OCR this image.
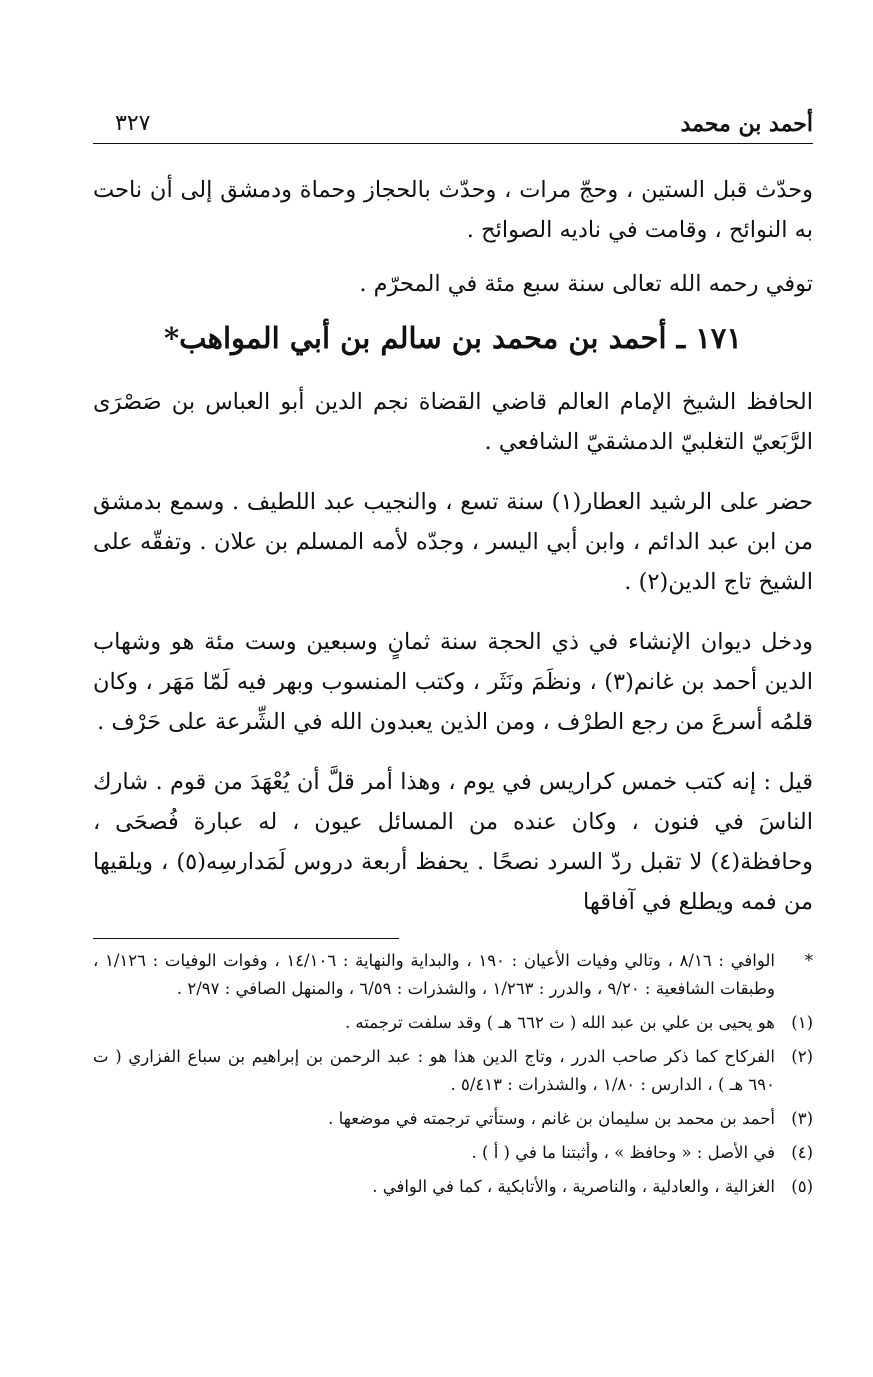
أحمد بن محمد
٣٢٧

وحدّث قبل الستين ، وحجّ مرات ، وحدّث بالحجاز وحماة ودمشق إلى أن ناحت به النوائح ، وقامت في ناديه الصوائح .

توفي رحمه الله تعالى سنة سبع مئة في المحرّم .

١٧١ ـ أحمد بن محمد بن سالم بن أبي المواهب*

الحافظ الشيخ الإمام العالم قاضي القضاة نجم الدين أبو العباس بن صَصْرَى الرَّبَعيّ التغلبيّ الدمشقيّ الشافعي .

حضر على الرشيد العطار(١) سنة تسع ، والنجيب عبد اللطيف . وسمع بدمشق من ابن عبد الدائم ، وابن أبي اليسر ، وجدّه لأمه المسلم بن علان . وتفقّه على الشيخ تاج الدين(٢) .

ودخل ديوان الإنشاء في ذي الحجة سنة ثمانٍ وسبعين وست مئة هو وشهاب الدين أحمد بن غانم(٣) ، ونظَمَ ونَثَر ، وكتب المنسوب وبهر فيه لَمّا مَهَر ، وكان قلمُه أسرعَ من رجع الطرْف ، ومن الذين يعبدون الله في الشِّرعة على حَرْف .

قيل : إنه كتب خمس كراريس في يوم ، وهذا أمر قلَّ أن يُعْهَدَ من قوم . شارك الناسَ في فنون ، وكان عنده من المسائل عيون ، له عبارة فُصحَى ، وحافظة(٤) لا تقبل ردّ السرد نصحًا . يحفظ أربعة دروس لَمَدارسِه(٥) ، ويلقيها من فمه ويطلع في آفاقها

*
الوافي : ٨/١٦ ، وتالي وفيات الأعيان : ١٩٠ ، والبداية والنهاية : ١٤/١٠٦ ، وفوات الوفيات : ١/١٢٦ ، وطبقات الشافعية : ٩/٢٠ ، والدرر : ١/٢٦٣ ، والشذرات : ٦/٥٩ ، والمنهل الصافي : ٢/٩٧ .
(١)
هو يحيى بن علي بن عبد الله ( ت ٦٦٢ هـ ) وقد سلفت ترجمته .
(٢)
الفركاح كما ذكر صاحب الدرر ، وتاج الدين هذا هو : عبد الرحمن بن إبراهيم بن سباع الفزاري ( ت ٦٩٠ هـ ) ، الدارس : ١/٨٠ ، والشذرات : ٥/٤١٣ .
(٣)
أحمد بن محمد بن سليمان بن غانم ، وستأتي ترجمته في موضعها .
(٤)
في الأصل : « وحافظ » ، وأثبتنا ما في ( أ ) .
(٥)
الغزالية ، والعادلية ، والناصرية ، والأتابكية ، كما في الوافي .
